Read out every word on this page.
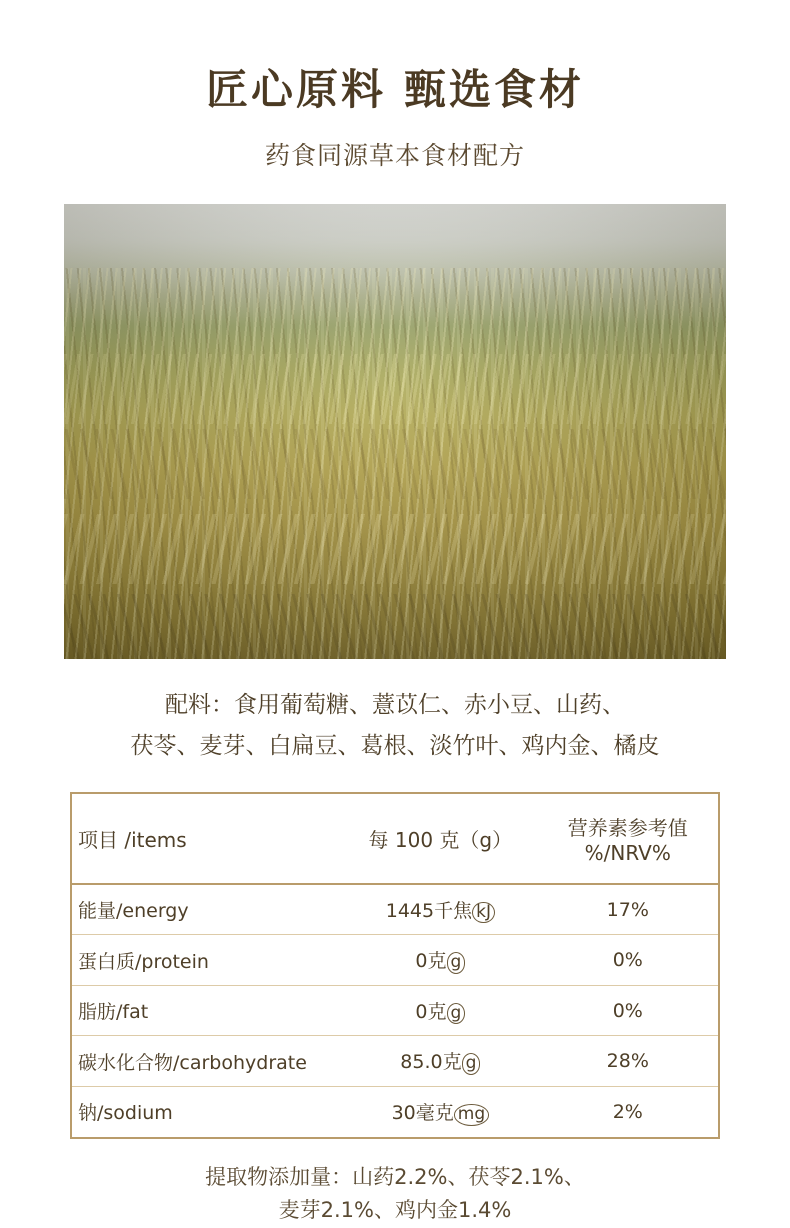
匠心原料 甄选食材
药食同源草本食材配方
配料：食用葡萄糖、薏苡仁、赤小豆、山药、
茯苓、麦芽、白扁豆、葛根、淡竹叶、鸡内金、橘皮
项目 /items	每 100 克（g）	营养素参考值 %/NRV%
能量/energy	1445千焦 kJ	17%
蛋白质/protein	0克 g	0%
脂肪/fat	0克 g	0%
碳水化合物/carbohydrate	85.0克 g	28%
钠/sodium	30毫克 mg	2%
提取物添加量：山药2.2%、茯苓2.1%、
麦芽2.1%、鸡内金1.4%
